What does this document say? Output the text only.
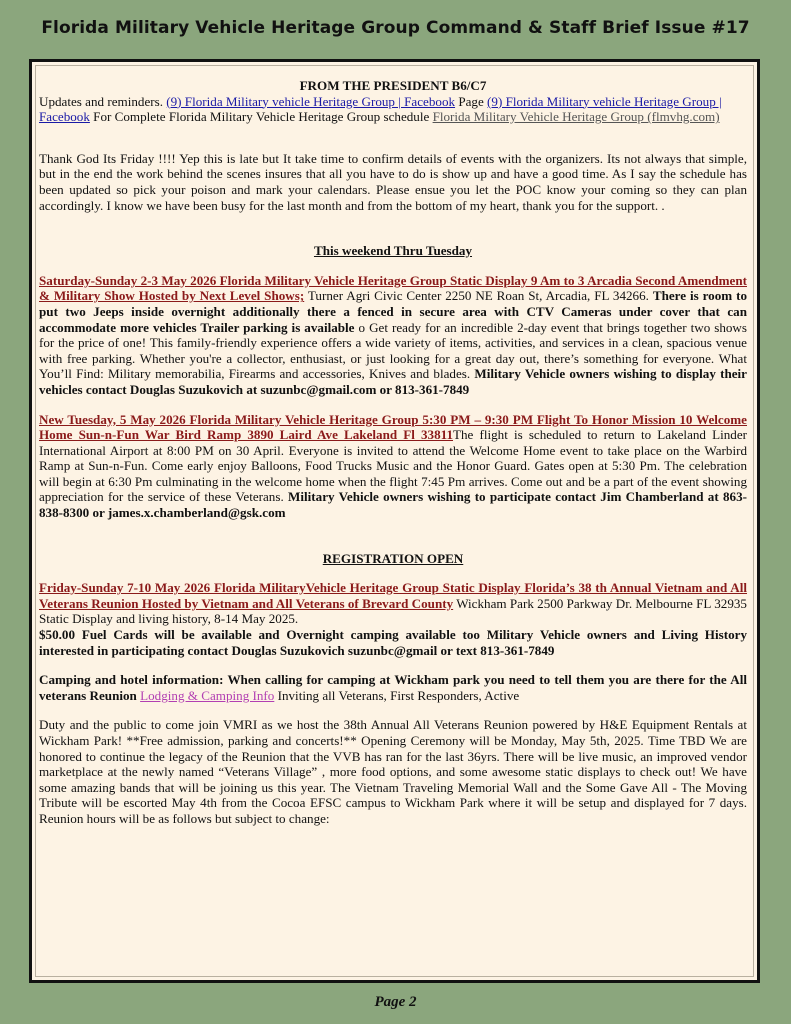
Florida Military Vehicle Heritage Group Command & Staff Brief Issue #17

FROM THE PRESIDENT B6/C7

Updates and reminders. (9) Florida Military vehicle Heritage Group | Facebook Page (9) Florida Military vehicle Heritage Group | Facebook For Complete Florida Military Vehicle Heritage Group schedule Florida Military Vehicle Heritage Group (flmvhg.com)

Thank God Its Friday !!!! Yep this is late but It take time to confirm details of events with the organizers. Its not always that simple, but in the end the work behind the scenes insures that all you have to do is show up and have a good time. As I say the schedule has been updated so pick your poison and mark your calendars. Please ensue you let the POC know your coming so they can plan accordingly. I know we have been busy for the last month and from the bottom of my heart, thank you for the support. .

This weekend Thru Tuesday

Saturday-Sunday 2-3 May 2026 Florida Military Vehicle Heritage Group Static Display 9 Am to 3 Arcadia Second Amendment & Military Show Hosted by Next Level Shows; Turner Agri Civic Center 2250 NE Roan St, Arcadia, FL 34266. There is room to put two Jeeps inside overnight additionally there a fenced in secure area with CTV Cameras under cover that can accommodate more vehicles Trailer parking is available o Get ready for an incredible 2-day event that brings together two shows for the price of one! This family-friendly experience offers a wide variety of items, activities, and services in a clean, spacious venue with free parking. Whether you're a collector, enthusiast, or just looking for a great day out, there’s something for everyone. What You’ll Find: Military memorabilia, Firearms and accessories, Knives and blades. Military Vehicle owners wishing to display their vehicles contact Douglas Suzukovich at suzunbc@gmail.com or 813-361-7849

New Tuesday, 5 May 2026 Florida Military Vehicle Heritage Group 5:30 PM – 9:30 PM Flight To Honor Mission 10 Welcome Home Sun-n-Fun War Bird Ramp 3890 Laird Ave Lakeland Fl 33811The flight is scheduled to return to Lakeland Linder International Airport at 8:00 PM on 30 April. Everyone is invited to attend the Welcome Home event to take place on the Warbird Ramp at Sun-n-Fun. Come early enjoy Balloons, Food Trucks Music and the Honor Guard. Gates open at 5:30 Pm. The celebration will begin at 6:30 Pm culminating in the welcome home when the flight 7:45 Pm arrives. Come out and be a part of the event showing appreciation for the service of these Veterans. Military Vehicle owners wishing to participate contact Jim Chamberland at 863-838-8300 or james.x.chamberland@gsk.com

REGISTRATION OPEN

Friday-Sunday 7-10 May 2026 Florida MilitaryVehicle Heritage Group Static Display Florida’s 38 th Annual Vietnam and All Veterans Reunion Hosted by Vietnam and All Veterans of Brevard County Wickham Park 2500 Parkway Dr. Melbourne FL 32935 Static Display and living history, 8-14 May 2025.
$50.00 Fuel Cards will be available and Overnight camping available too Military Vehicle owners and Living History interested in participating contact Douglas Suzukovich suzunbc@gmail or text 813-361-7849

Camping and hotel information: When calling for camping at Wickham park you need to tell them you are there for the All veterans Reunion Lodging & Camping Info Inviting all Veterans, First Responders, Active

Duty and the public to come join VMRI as we host the 38th Annual All Veterans Reunion powered by H&E Equipment Rentals at Wickham Park! **Free admission, parking and concerts!** Opening Ceremony will be Monday, May 5th, 2025. Time TBD We are honored to continue the legacy of the Reunion that the VVB has ran for the last 36yrs. There will be live music, an improved vendor marketplace at the newly named “Veterans Village” , more food options, and some awesome static displays to check out! We have some amazing bands that will be joining us this year. The Vietnam Traveling Memorial Wall and the Some Gave All - The Moving Tribute will be escorted May 4th from the Cocoa EFSC campus to Wickham Park where it will be setup and displayed for 7 days. Reunion hours will be as follows but subject to change:

Page 2
